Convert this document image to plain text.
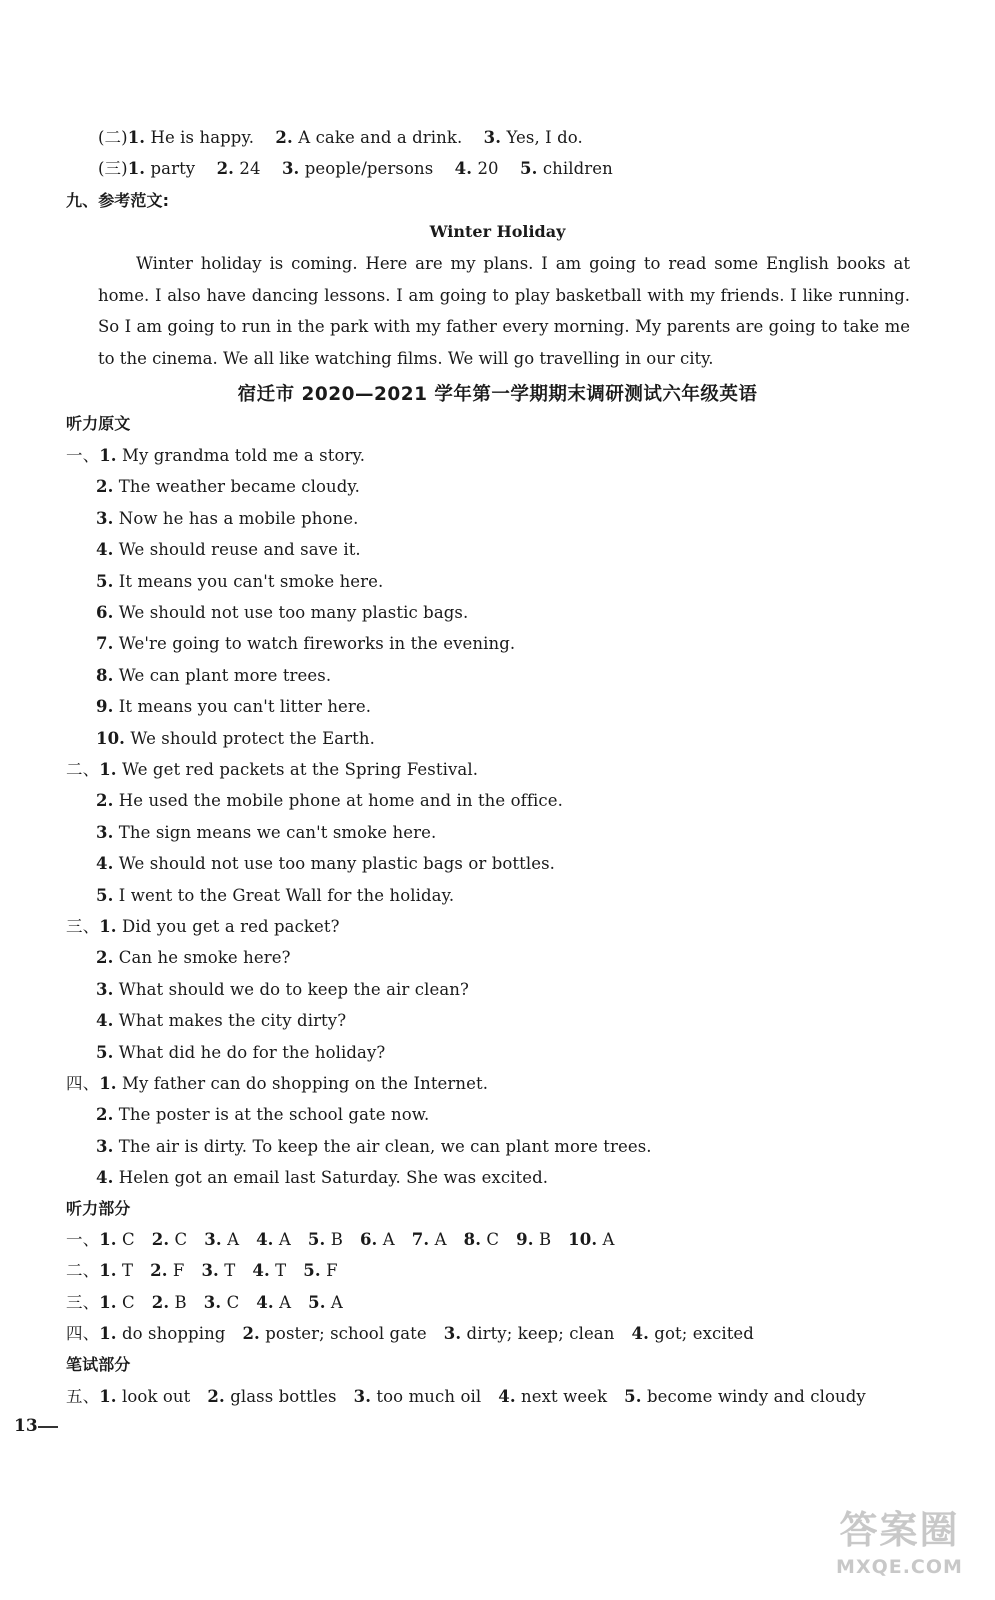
(二)1. He is happy. 2. A cake and a drink. 3. Yes, I do.
(三)1. party 2. 24 3. people/persons 4. 20 5. children
九、参考范文:
Winter Holiday
Winter holiday is coming. Here are my plans. I am going to read some English books at home. I also have dancing lessons. I am going to play basketball with my friends. I like running. So I am going to run in the park with my father every morning. My parents are going to take me to the cinema. We all like watching films. We will go travelling in our city.
宿迁市 2020—2021 学年第一学期期末调研测试六年级英语
听力原文
一、1. My grandma told me a story.
2. The weather became cloudy.
3. Now he has a mobile phone.
4. We should reuse and save it.
5. It means you can't smoke here.
6. We should not use too many plastic bags.
7. We're going to watch fireworks in the evening.
8. We can plant more trees.
9. It means you can't litter here.
10. We should protect the Earth.
二、1. We get red packets at the Spring Festival.
2. He used the mobile phone at home and in the office.
3. The sign means we can't smoke here.
4. We should not use too many plastic bags or bottles.
5. I went to the Great Wall for the holiday.
三、1. Did you get a red packet?
2. Can he smoke here?
3. What should we do to keep the air clean?
4. What makes the city dirty?
5. What did he do for the holiday?
四、1. My father can do shopping on the Internet.
2. The poster is at the school gate now.
3. The air is dirty. To keep the air clean, we can plant more trees.
4. Helen got an email last Saturday. She was excited.
听力部分
一、1. C 2. C 3. A 4. A 5. B 6. A 7. A 8. C 9. B 10. A
二、1. T 2. F 3. T 4. T 5. F
三、1. C 2. B 3. C 4. A 5. A
四、1. do shopping 2. poster; school gate 3. dirty; keep; clean 4. got; excited
笔试部分
五、1. look out 2. glass bottles 3. too much oil 4. next week 5. become windy and cloudy
13
答案圈
MXQE.COM
